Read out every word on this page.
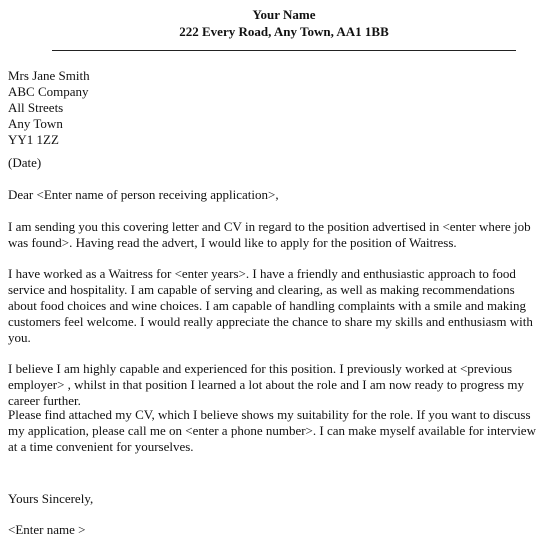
Your Name
222 Every Road, Any Town, AA1 1BB
Mrs Jane Smith
ABC Company
All Streets
Any Town
YY1 1ZZ
(Date)
Dear <Enter name of person receiving application>,
I am sending you this covering letter and CV in regard to the position advertised in <enter where job
was found>. Having read the advert, I would like to apply for the position of Waitress.
I have worked as a Waitress for <enter years>. I have a friendly and enthusiastic approach to food
service and hospitality. I am capable of serving and clearing, as well as making recommendations
about food choices and wine choices. I am capable of handling complaints with a smile and making
customers feel welcome. I would really appreciate the chance to share my skills and enthusiasm with
you.
I believe I am highly capable and experienced for this position. I previously worked at <previous
employer> , whilst in that position I learned a lot about the role and I am now ready to progress my
career further.
Please find attached my CV, which I believe shows my suitability for the role. If you want to discuss
my application, please call me on <enter a phone number>. I can make myself available for interview
at a time convenient for yourselves.
Yours Sincerely,
<Enter name >
